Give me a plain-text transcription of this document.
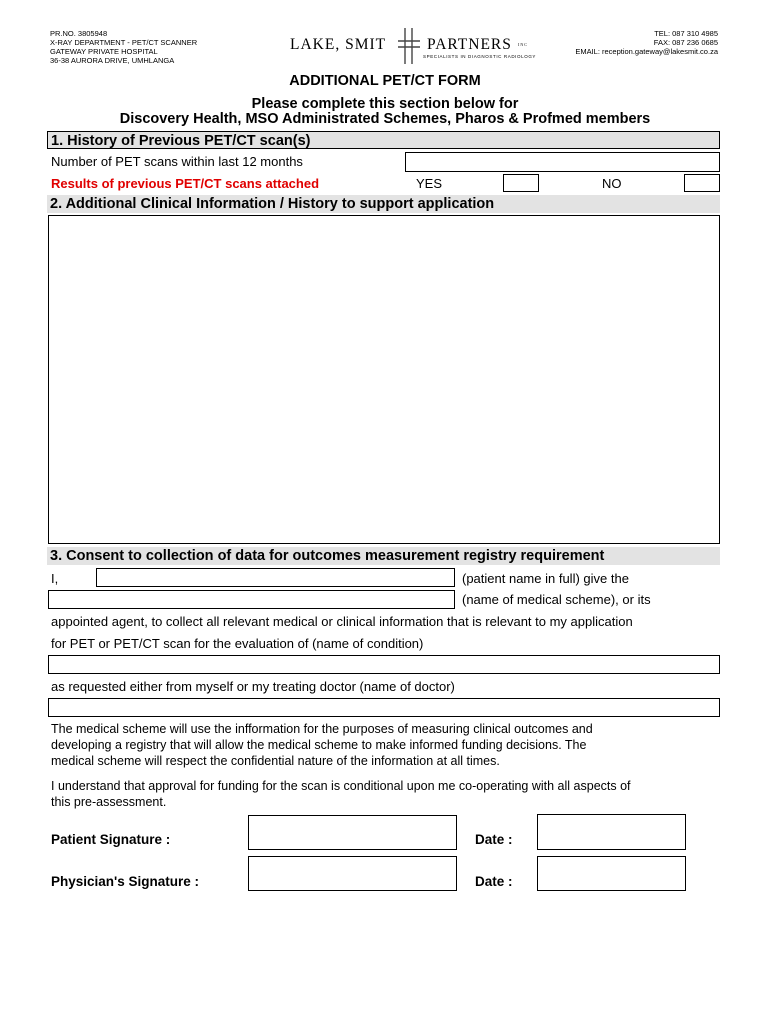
PR.NO. 3805948
X-RAY DEPARTMENT - PET/CT SCANNER
GATEWAY PRIVATE HOSPITAL
36-38 AURORA DRIVE, UMHLANGA
LAKE, SMIT	PARTNERS INC
SPECIALISTS IN DIAGNOSTIC RADIOLOGY
TEL: 087 310 4985
FAX: 087 236 0685
EMAIL: reception.gateway@lakesmit.co.za
ADDITIONAL PET/CT FORM
Please complete this section below for
Discovery Health, MSO Administrated Schemes, Pharos & Profmed members
1. History of Previous PET/CT scan(s)
Number of PET scans within last 12 months
Results of previous PET/CT scans attached	YES	NO
2. Additional Clinical Information / History to support application
3. Consent to collection of data for outcomes measurement registry requirement
I,	(patient name in full) give the
(name of medical scheme), or its
appointed agent, to collect all relevant medical or clinical information that is relevant to my application
for PET or PET/CT scan for the evaluation of (name of condition)
as requested either from myself or my treating doctor (name of doctor)
The medical scheme will use the infformation for the purposes of measuring clinical outcomes and
developing a registry that will allow the medical scheme to make informed funding decisions. The
medical scheme will respect the confidential nature of the information at all times.
I understand that approval for funding for the scan is conditional upon me co-operating with all aspects of
this pre-assessment.
Patient Signature :	Date :
Physician's Signature :	Date :
